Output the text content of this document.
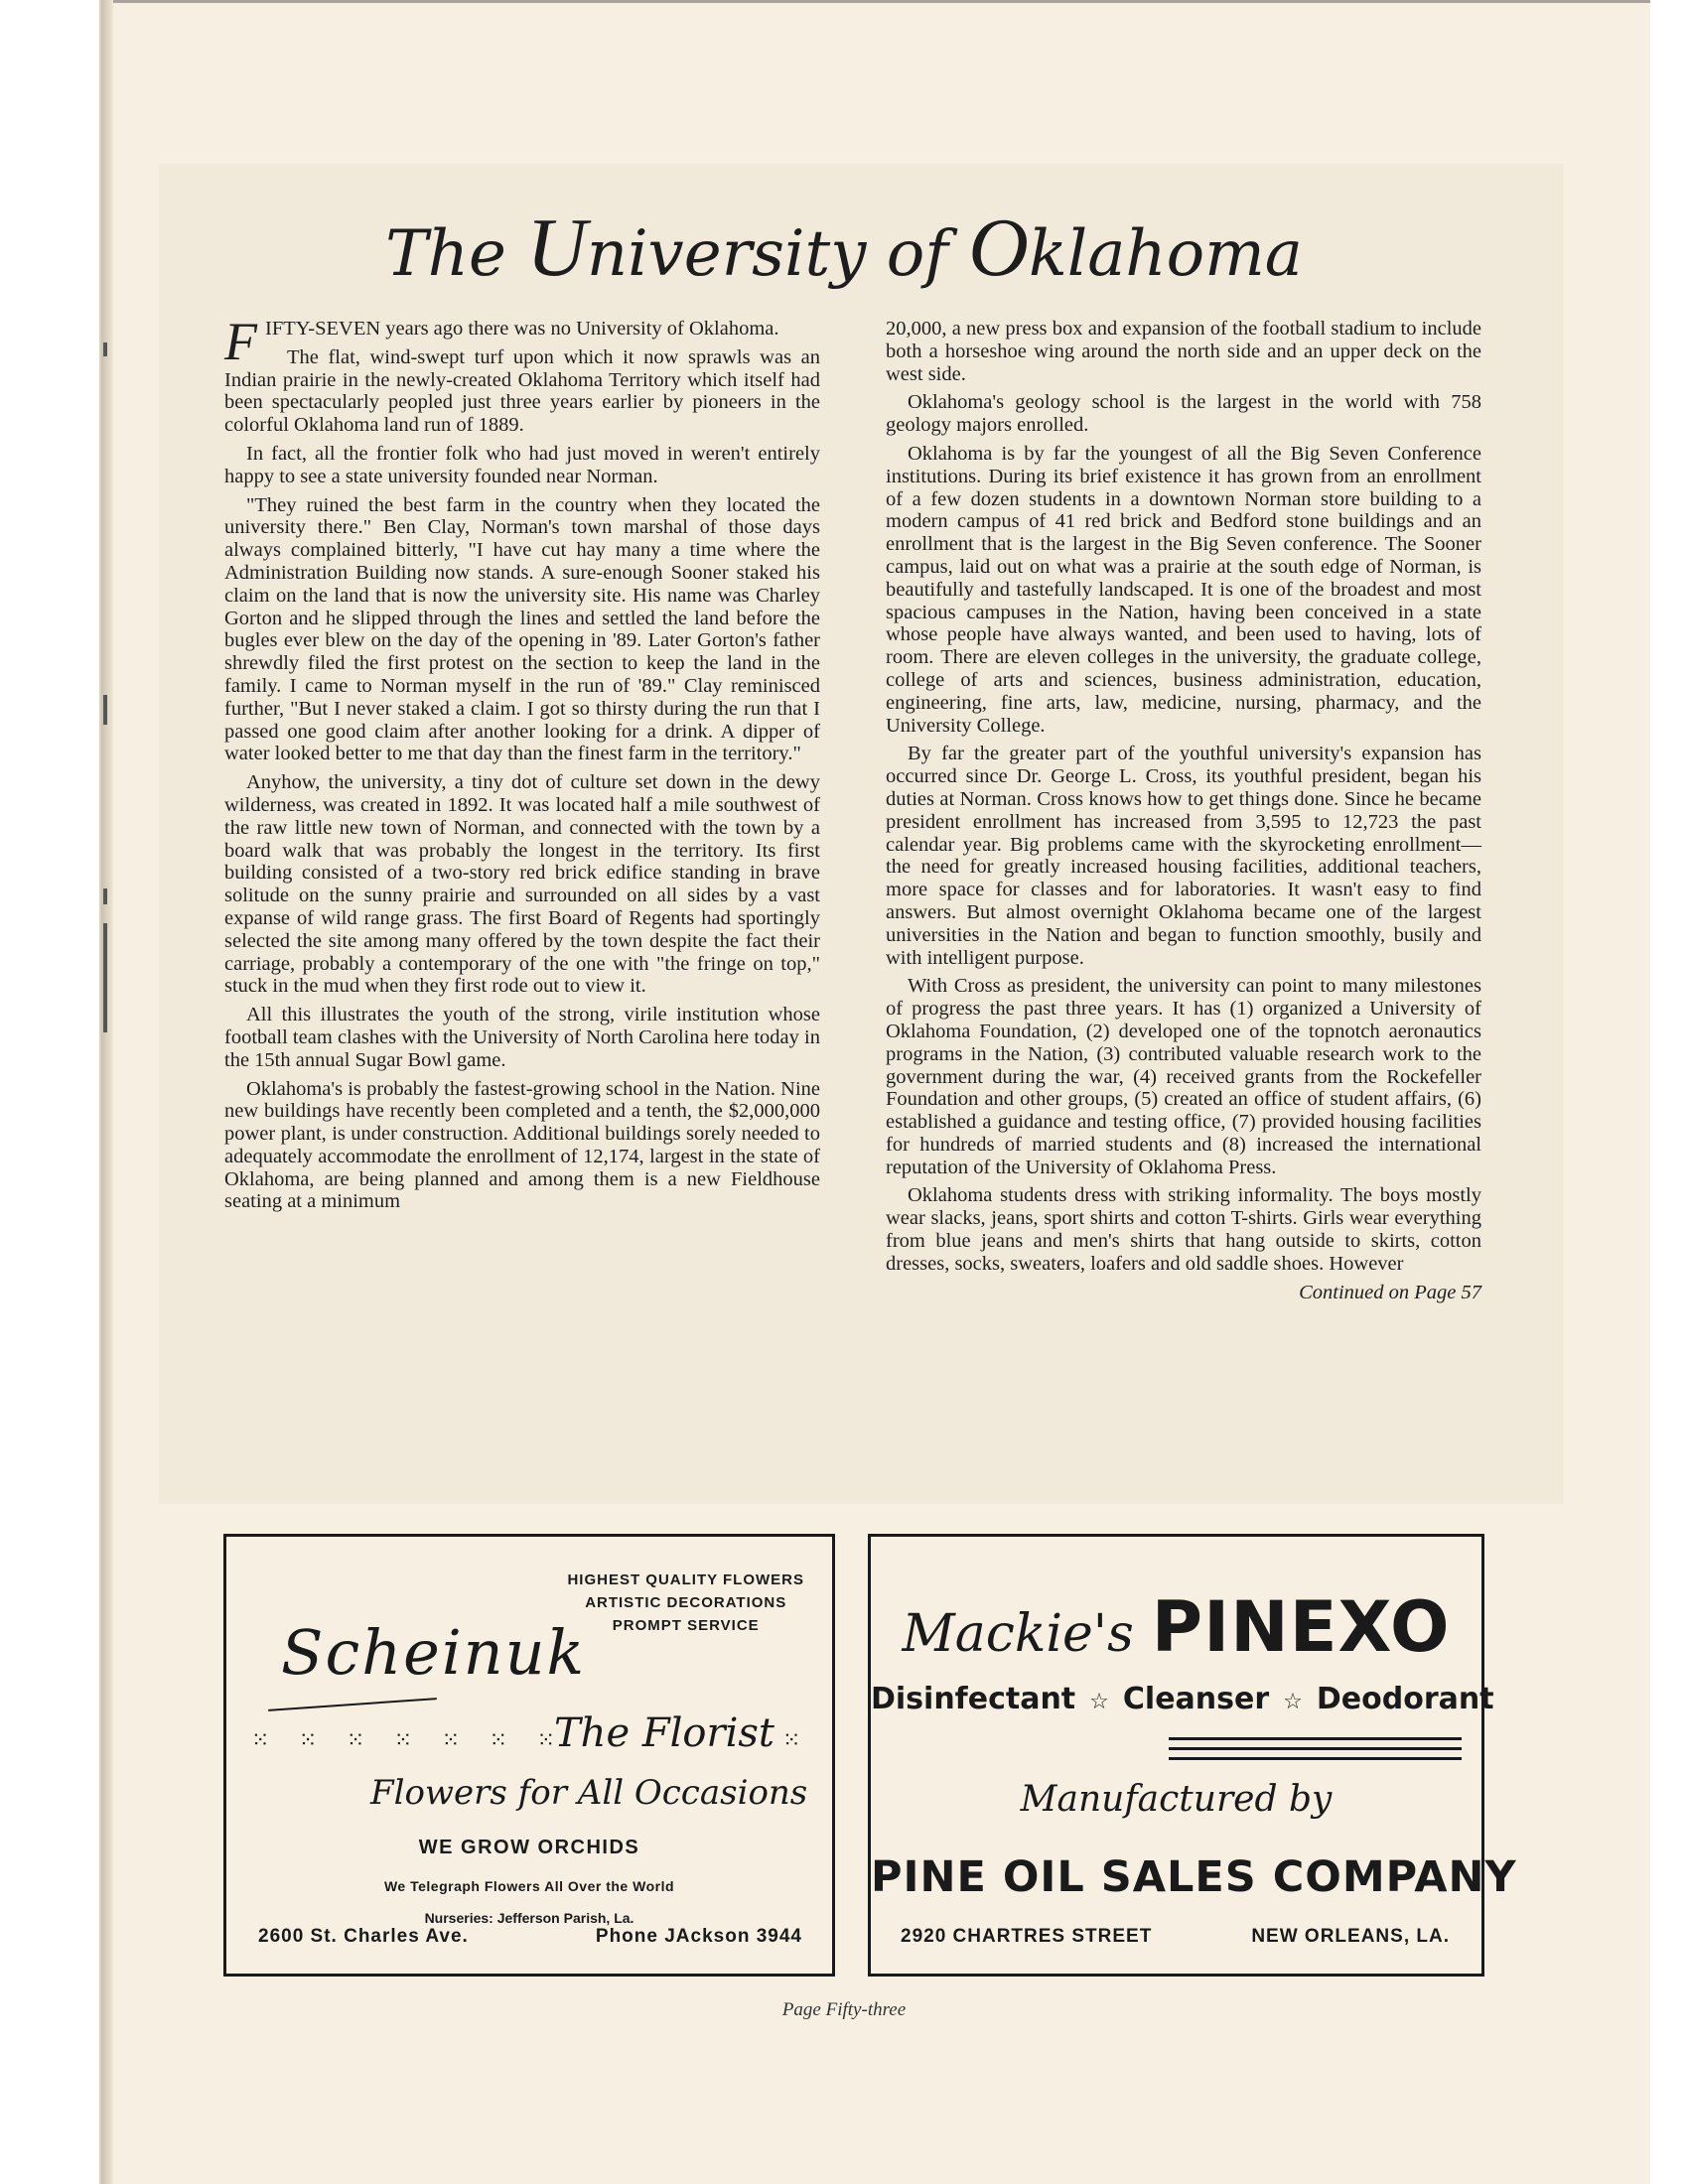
The University of Oklahoma

FIFTY-SEVEN years ago there was no University of Oklahoma.

The flat, wind-swept turf upon which it now sprawls was an Indian prairie in the newly-created Oklahoma Territory which itself had been spectacularly peopled just three years earlier by pioneers in the colorful Oklahoma land run of 1889.

In fact, all the frontier folk who had just moved in weren't entirely happy to see a state university founded near Norman.

"They ruined the best farm in the country when they located the university there." Ben Clay, Norman's town marshal of those days always complained bitterly, "I have cut hay many a time where the Administration Building now stands. A sure-enough Sooner staked his claim on the land that is now the university site. His name was Charley Gorton and he slipped through the lines and settled the land before the bugles ever blew on the day of the opening in '89. Later Gorton's father shrewdly filed the first protest on the section to keep the land in the family. I came to Norman myself in the run of '89." Clay reminisced further, "But I never staked a claim. I got so thirsty during the run that I passed one good claim after another looking for a drink. A dipper of water looked better to me that day than the finest farm in the territory."

Anyhow, the university, a tiny dot of culture set down in the dewy wilderness, was created in 1892. It was located half a mile southwest of the raw little new town of Norman, and connected with the town by a board walk that was probably the longest in the territory. Its first building consisted of a two-story red brick edifice standing in brave solitude on the sunny prairie and surrounded on all sides by a vast expanse of wild range grass. The first Board of Regents had sportingly selected the site among many offered by the town despite the fact their carriage, probably a contemporary of the one with "the fringe on top," stuck in the mud when they first rode out to view it.

All this illustrates the youth of the strong, virile institution whose football team clashes with the University of North Carolina here today in the 15th annual Sugar Bowl game.

Oklahoma's is probably the fastest-growing school in the Nation. Nine new buildings have recently been completed and a tenth, the $2,000,000 power plant, is under construction. Additional buildings sorely needed to adequately accommodate the enrollment of 12,174, largest in the state of Oklahoma, are being planned and among them is a new Fieldhouse seating at a minimum

20,000, a new press box and expansion of the football stadium to include both a horseshoe wing around the north side and an upper deck on the west side.

Oklahoma's geology school is the largest in the world with 758 geology majors enrolled.

Oklahoma is by far the youngest of all the Big Seven Conference institutions. During its brief existence it has grown from an enrollment of a few dozen students in a downtown Norman store building to a modern campus of 41 red brick and Bedford stone buildings and an enrollment that is the largest in the Big Seven conference. The Sooner campus, laid out on what was a prairie at the south edge of Norman, is beautifully and tastefully landscaped. It is one of the broadest and most spacious campuses in the Nation, having been conceived in a state whose people have always wanted, and been used to having, lots of room. There are eleven colleges in the university, the graduate college, college of arts and sciences, business administration, education, engineering, fine arts, law, medicine, nursing, pharmacy, and the University College.

By far the greater part of the youthful university's expansion has occurred since Dr. George L. Cross, its youthful president, began his duties at Norman. Cross knows how to get things done. Since he became president enrollment has increased from 3,595 to 12,723 the past calendar year. Big problems came with the skyrocketing enrollment—the need for greatly increased housing facilities, additional teachers, more space for classes and for laboratories. It wasn't easy to find answers. But almost overnight Oklahoma became one of the largest universities in the Nation and began to function smoothly, busily and with intelligent purpose.

With Cross as president, the university can point to many milestones of progress the past three years. It has (1) organized a University of Oklahoma Foundation, (2) developed one of the topnotch aeronautics programs in the Nation, (3) contributed valuable research work to the government during the war, (4) received grants from the Rockefeller Foundation and other groups, (5) created an office of student affairs, (6) established a guidance and testing office, (7) provided housing facilities for hundreds of married students and (8) increased the international reputation of the University of Oklahoma Press.

Oklahoma students dress with striking informality. The boys mostly wear slacks, jeans, sport shirts and cotton T-shirts. Girls wear everything from blue jeans and men's shirts that hang outside to skirts, cotton dresses, socks, sweaters, loafers and old saddle shoes. However

Continued on Page 57

HIGHEST QUALITY FLOWERS
ARTISTIC DECORATIONS
PROMPT SERVICE
Scheinuk
⁙ ⁙ ⁙ ⁙ ⁙ ⁙ ⁙
The Florist ⁙
Flowers for All Occasions
WE GROW ORCHIDS
We Telegraph Flowers All Over the World
Nurseries: Jefferson Parish, La.
2600 St. Charles Ave.	Phone JAckson 3944
Mackie's PINEXO
Disinfectant ☆ Cleanser ☆ Deodorant
Manufactured by
PINE OIL SALES COMPANY
2920 CHARTRES STREET	NEW ORLEANS, LA.
Page Fifty-three
